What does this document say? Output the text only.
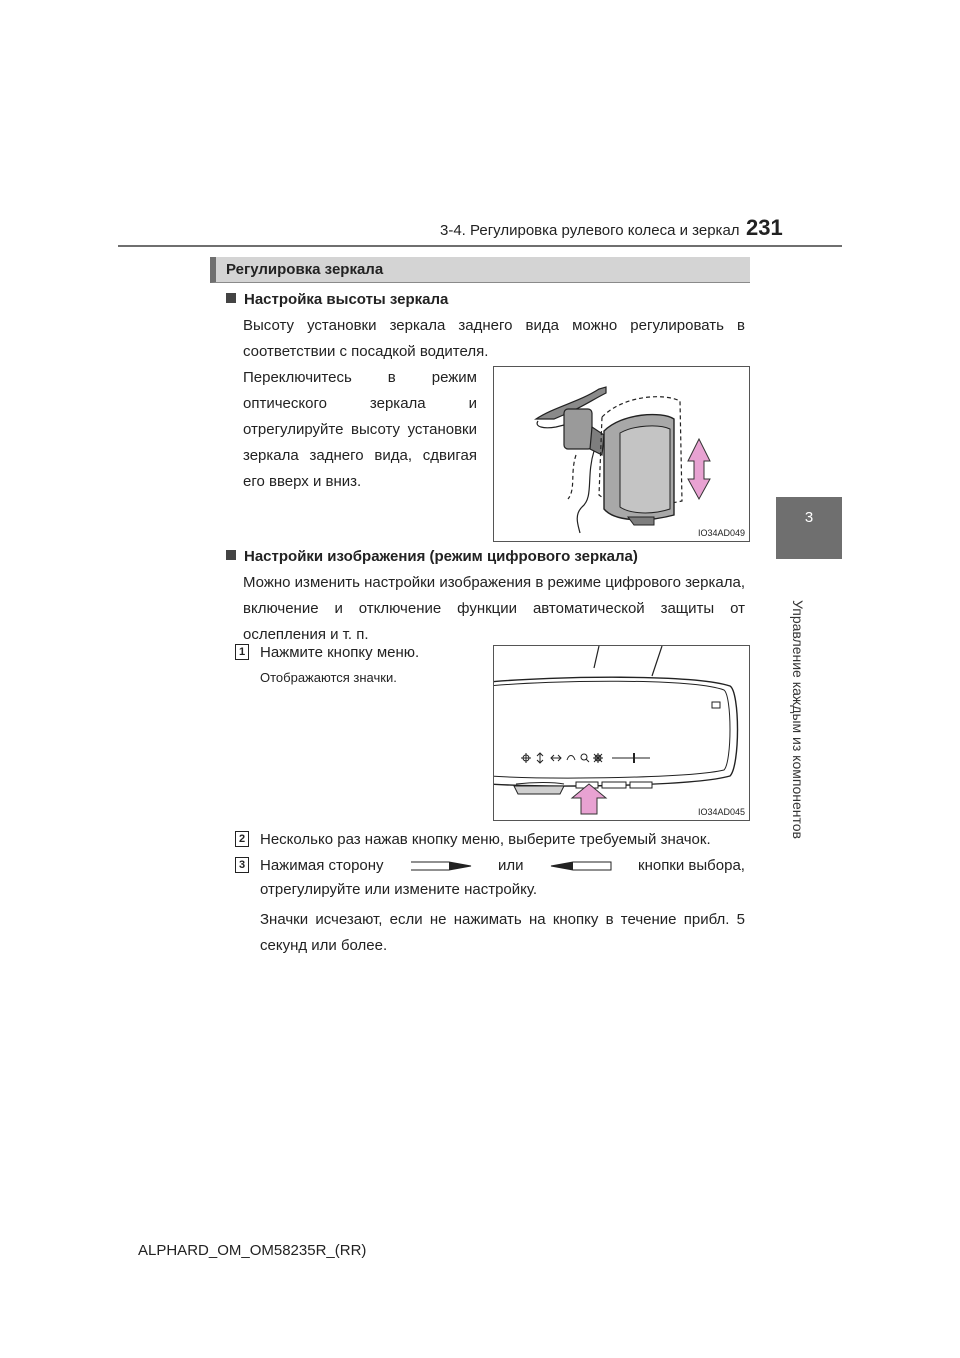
3-4. Регулировка рулевого колеса и зеркал 231
3
Управление каждым из компонентов
Регулировка зеркала
Настройка высоты зеркала
Высоту установки зеркала заднего вида можно регулировать в соответствии с посадкой водителя.
Переключитесь в режим
оптического зеркала и
отрегулируйте высоту установки
зеркала заднего вида, сдвигая
его вверх и вниз.
IO34AD049
Настройки изображения (режим цифрового зеркала)
Можно изменить настройки изображения в режиме цифрового зеркала, включение и отключение функции автоматической защиты от ослепления и т. п.
1 Нажмите кнопку меню.
Отображаются значки.
IO34AD045
2 Несколько раз нажав кнопку меню, выберите требуемый значок.
3 Нажимая сторону	или	кнопки выбора,
отрегулируйте или измените настройку.
Значки исчезают, если не нажимать на кнопку в течение прибл. 5 секунд или более.
ALPHARD_OM_OM58235R_(RR)
